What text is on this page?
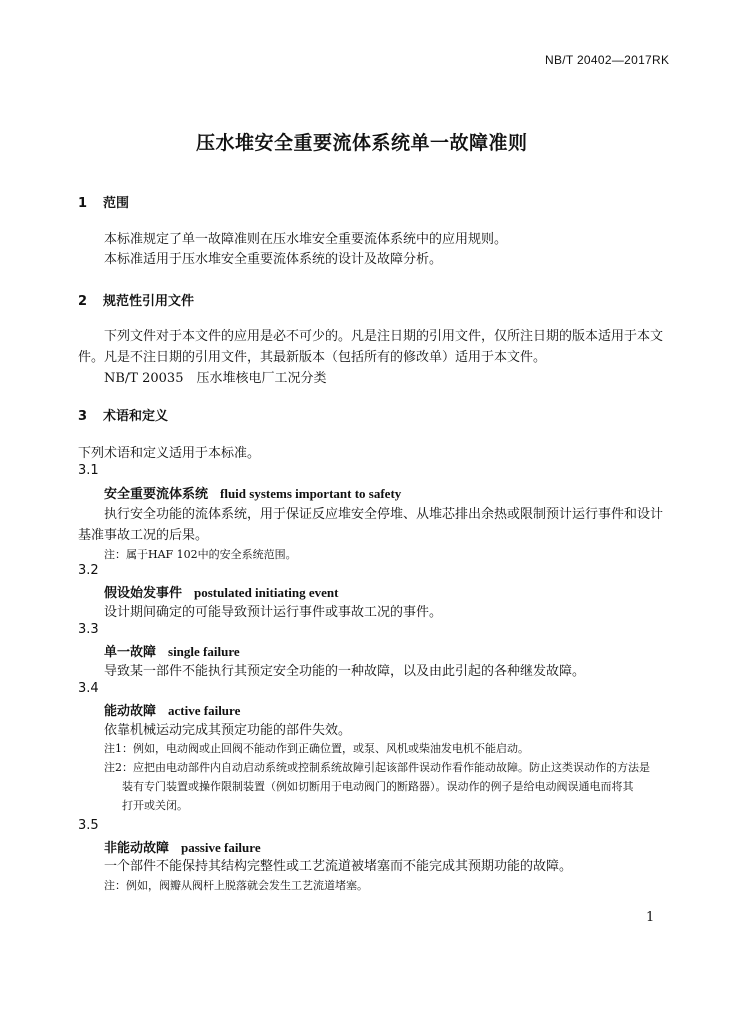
NB/T 20402—2017RK
压水堆安全重要流体系统单一故障准则
1 范围
本标准规定了单一故障准则在压水堆安全重要流体系统中的应用规则。
本标准适用于压水堆安全重要流体系统的设计及故障分析。
2 规范性引用文件
下列文件对于本文件的应用是必不可少的。凡是注日期的引用文件，仅所注日期的版本适用于本文
件。凡是不注日期的引用文件，其最新版本（包括所有的修改单）适用于本文件。
NB/T 20035　压水堆核电厂工况分类
3 术语和定义
下列术语和定义适用于本标准。
3.1
安全重要流体系统 fluid systems important to safety
执行安全功能的流体系统，用于保证反应堆安全停堆、从堆芯排出余热或限制预计运行事件和设计
基准事故工况的后果。
注：属于HAF 102中的安全系统范围。
3.2
假设始发事件 postulated initiating event
设计期间确定的可能导致预计运行事件或事故工况的事件。
3.3
单一故障 single failure
导致某一部件不能执行其预定安全功能的一种故障，以及由此引起的各种继发故障。
3.4
能动故障 active failure
依靠机械运动完成其预定功能的部件失效。
注1：例如，电动阀或止回阀不能动作到正确位置，或泵、风机或柴油发电机不能启动。
注2：应把由电动部件内自动启动系统或控制系统故障引起该部件误动作看作能动故障。防止这类误动作的方法是
装有专门装置或操作限制装置（例如切断用于电动阀门的断路器）。误动作的例子是给电动阀误通电而将其
打开或关闭。
3.5
非能动故障 passive failure
一个部件不能保持其结构完整性或工艺流道被堵塞而不能完成其预期功能的故障。
注：例如，阀瓣从阀杆上脱落就会发生工艺流道堵塞。
1
